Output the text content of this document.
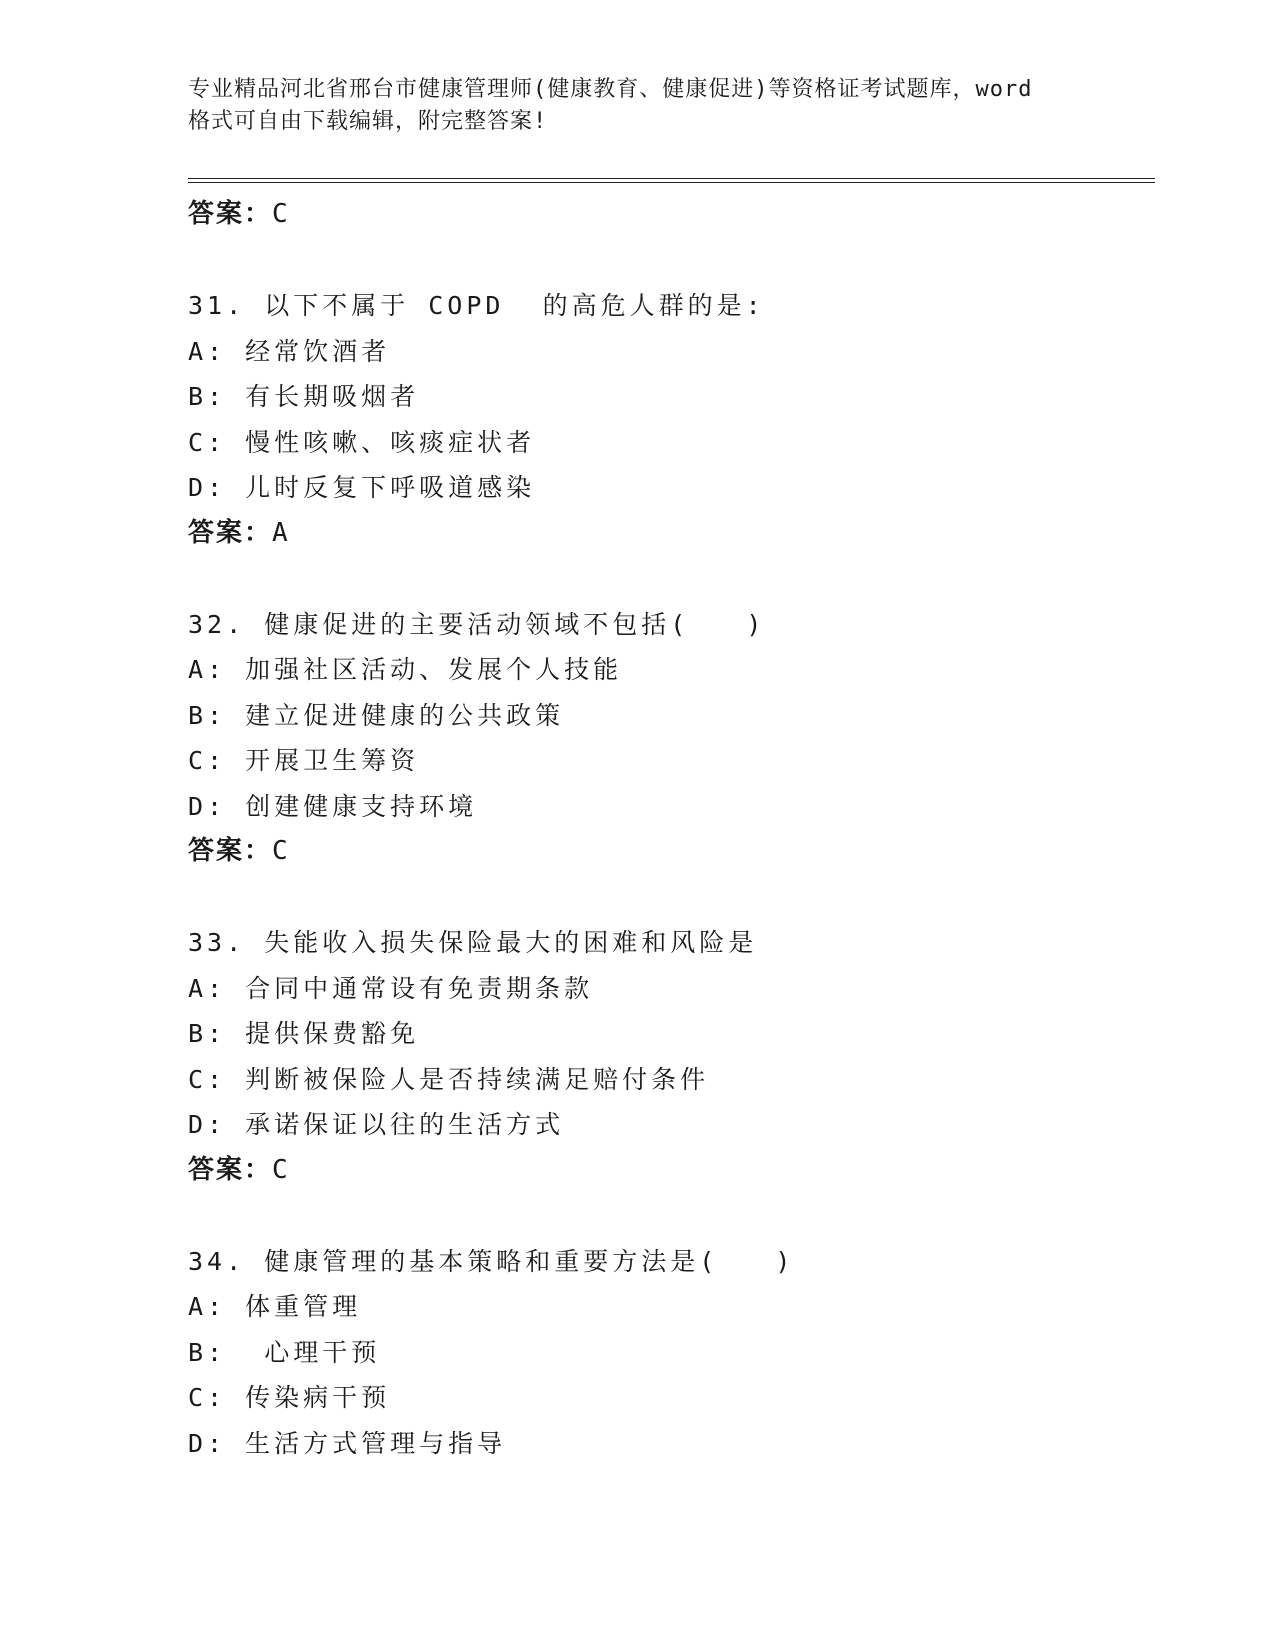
专业精品河北省邢台市健康管理师(健康教育、健康促进)等资格证考试题库，word
格式可自由下载编辑，附完整答案!
答案：C
31. 以下不属于 COPD  的高危人群的是:
A: 经常饮酒者
B: 有长期吸烟者
C: 慢性咳嗽、咳痰症状者
D: 儿时反复下呼吸道感染
答案：A
32. 健康促进的主要活动领域不包括(   )
A: 加强社区活动、发展个人技能
B: 建立促进健康的公共政策
C: 开展卫生筹资
D: 创建健康支持环境
答案：C
33. 失能收入损失保险最大的困难和风险是
A: 合同中通常设有免责期条款
B: 提供保费豁免
C: 判断被保险人是否持续满足赔付条件
D: 承诺保证以往的生活方式
答案：C
34. 健康管理的基本策略和重要方法是(   )
A: 体重管理
B:  心理干预
C: 传染病干预
D: 生活方式管理与指导
